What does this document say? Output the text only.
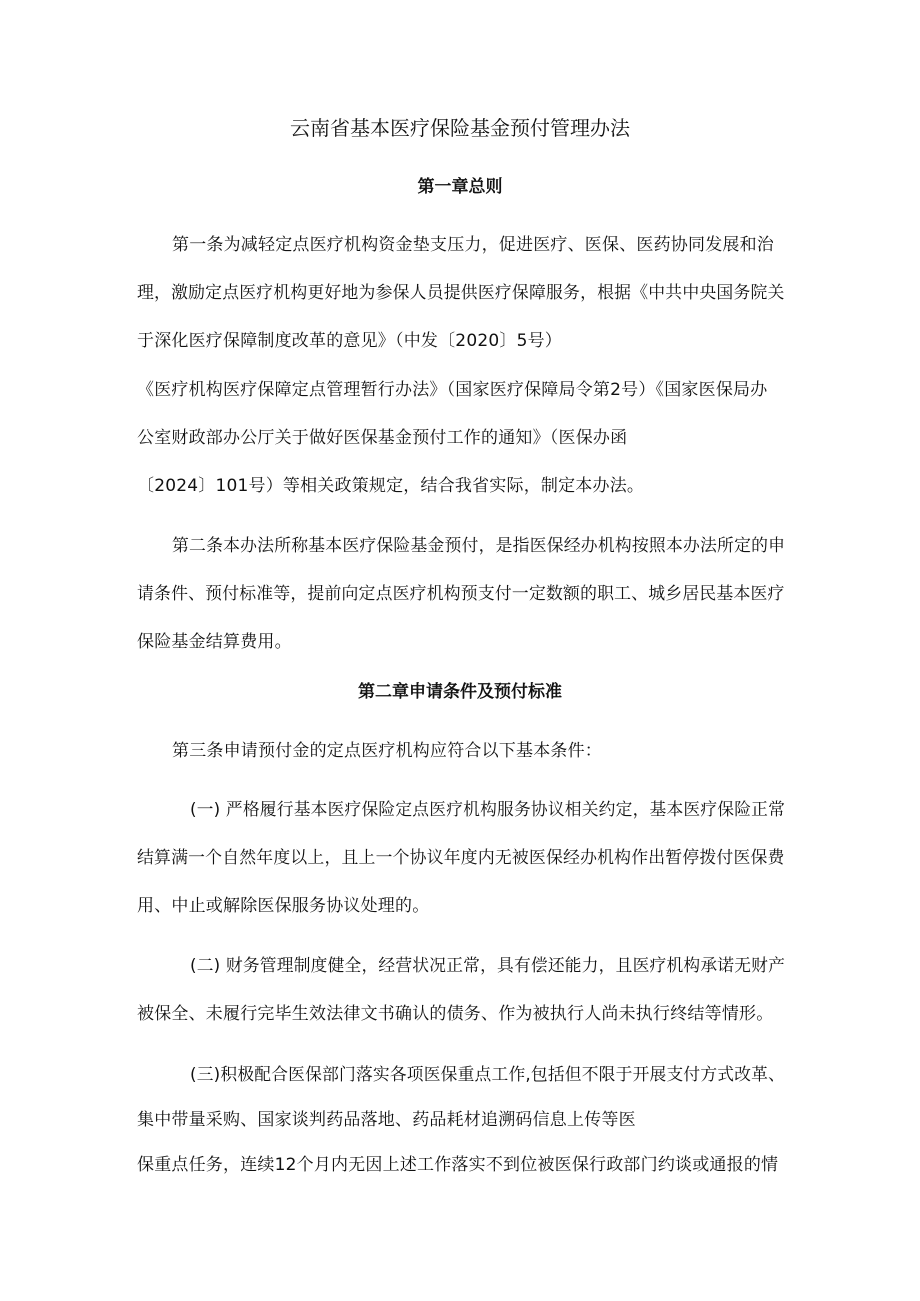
云南省基本医疗保险基金预付管理办法
第一章总则
第一条为减轻定点医疗机构资金垫支压力，促进医疗、医保、医药协同发展和治
理，激励定点医疗机构更好地为参保人员提供医疗保障服务，根据《中共中央国务院关
于深化医疗保障制度改革的意见》（中发〔2020〕5号）
《医疗机构医疗保障定点管理暂行办法》（国家医疗保障局令第2号）《国家医保局办
公室财政部办公厅关于做好医保基金预付工作的通知》（医保办函
〔2024〕101号）等相关政策规定，结合我省实际，制定本办法。
第二条本办法所称基本医疗保险基金预付，是指医保经办机构按照本办法所定的申
请条件、预付标准等，提前向定点医疗机构预支付一定数额的职工、城乡居民基本医疗
保险基金结算费用。
第二章申请条件及预付标准
第三条申请预付金的定点医疗机构应符合以下基本条件：
(一) 严格履行基本医疗保险定点医疗机构服务协议相关约定，基本医疗保险正常
结算满一个自然年度以上，且上一个协议年度内无被医保经办机构作出暂停拨付医保费
用、中止或解除医保服务协议处理的。
(二) 财务管理制度健全，经营状况正常，具有偿还能力，且医疗机构承诺无财产
被保全、未履行完毕生效法律文书确认的债务、作为被执行人尚未执行终结等情形。
(三)积极配合医保部门落实各项医保重点工作,包括但不限于开展支付方式改革、
集中带量采购、国家谈判药品落地、药品耗材追溯码信息上传等医
保重点任务，连续12个月内无因上述工作落实不到位被医保行政部门约谈或通报的情
